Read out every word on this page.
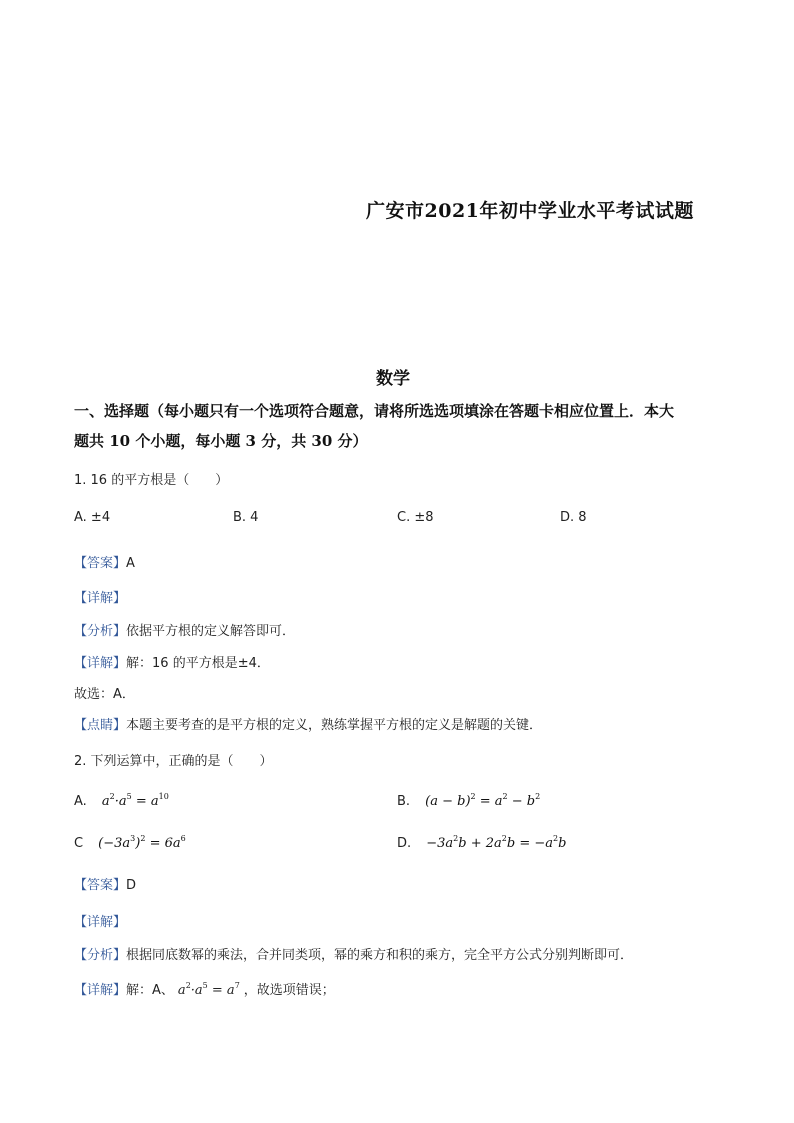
广安市2021年初中学业水平考试试题
数学
一、选择题（每小题只有一个选项符合题意，请将所选选项填涂在答题卡相应位置上．本大
题共 10 个小题，每小题 3 分，共 30 分）
1. 16 的平方根是（　　）
A. ±4	B. 4	C. ±8	D. 8
【答案】A
【详解】
【分析】依据平方根的定义解答即可．
【详解】解：16 的平方根是±4．
故选：A．
【点睛】本题主要考查的是平方根的定义，熟练掌握平方根的定义是解题的关键．
2. 下列运算中，正确的是（　　）
A. $a^2\cdot a^5 = a^{10}$	B. $(a - b)^2 = a^2 - b^2$
C $(-3a^3)^2 = 6a^6$	D. $-3a^2b + 2a^2b = -a^2b$
【答案】D
【详解】
【分析】根据同底数幂的乘法，合并同类项，幂的乘方和积的乘方，完全平方公式分别判断即可．
【详解】解：A、 $a^2\cdot a^5 = a^7$ ，故选项错误；
